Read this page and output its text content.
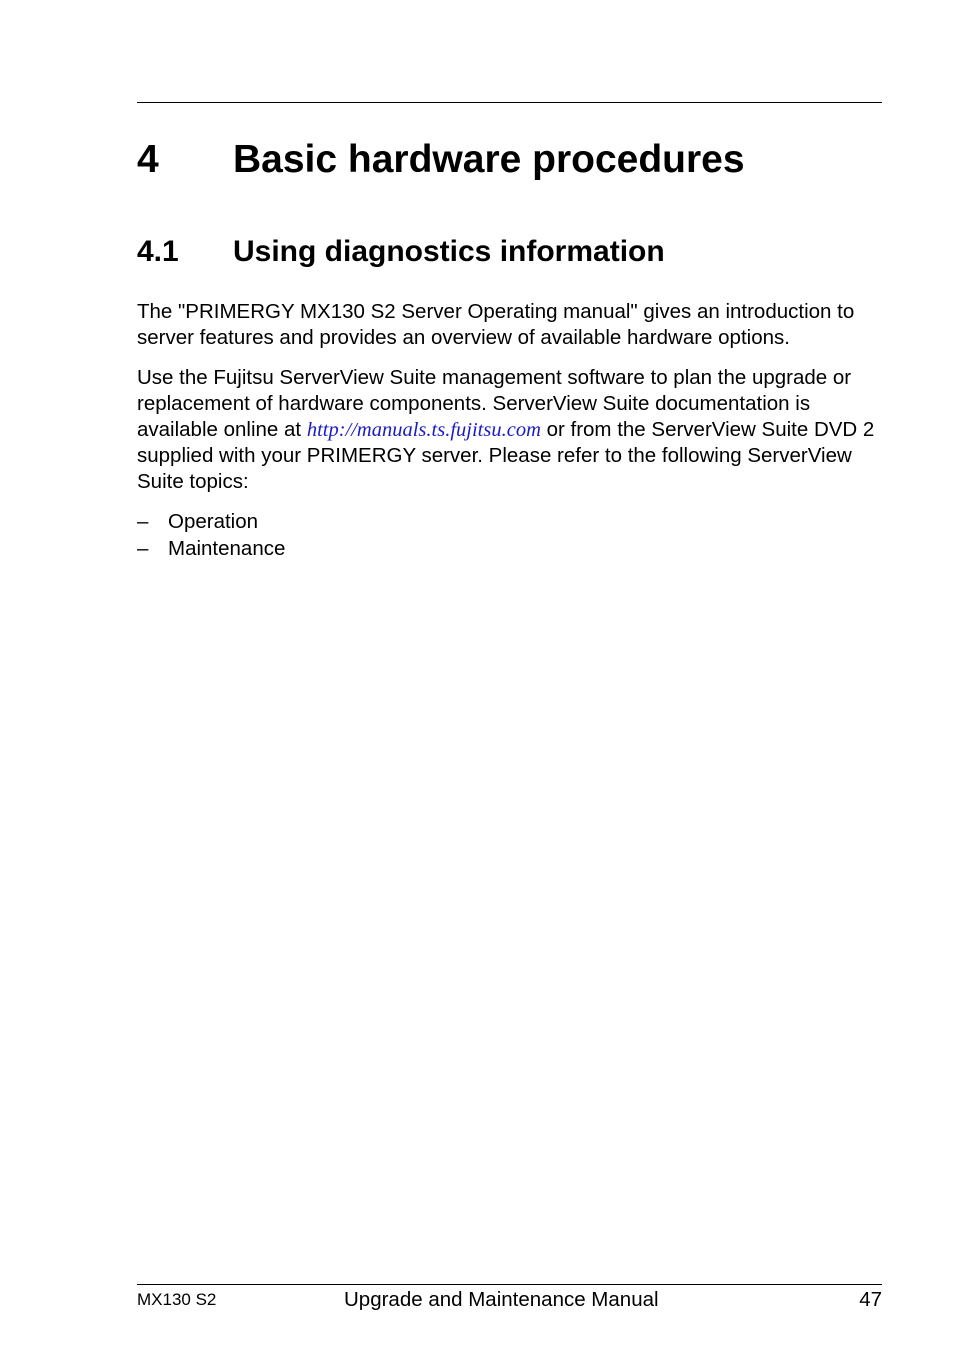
4 Basic hardware procedures
4.1 Using diagnostics information

The "PRIMERGY MX130 S2 Server Operating manual" gives an introduction to server features and provides an overview of available hardware options.

Use the Fujitsu ServerView Suite management software to plan the upgrade or replacement of hardware components. ServerView Suite documentation is available online at http://manuals.ts.fujitsu.com or from the ServerView Suite DVD 2 supplied with your PRIMERGY server. Please refer to the following ServerView Suite topics:

– Operation
– Maintenance
MX130 S2	Upgrade and Maintenance Manual	47
